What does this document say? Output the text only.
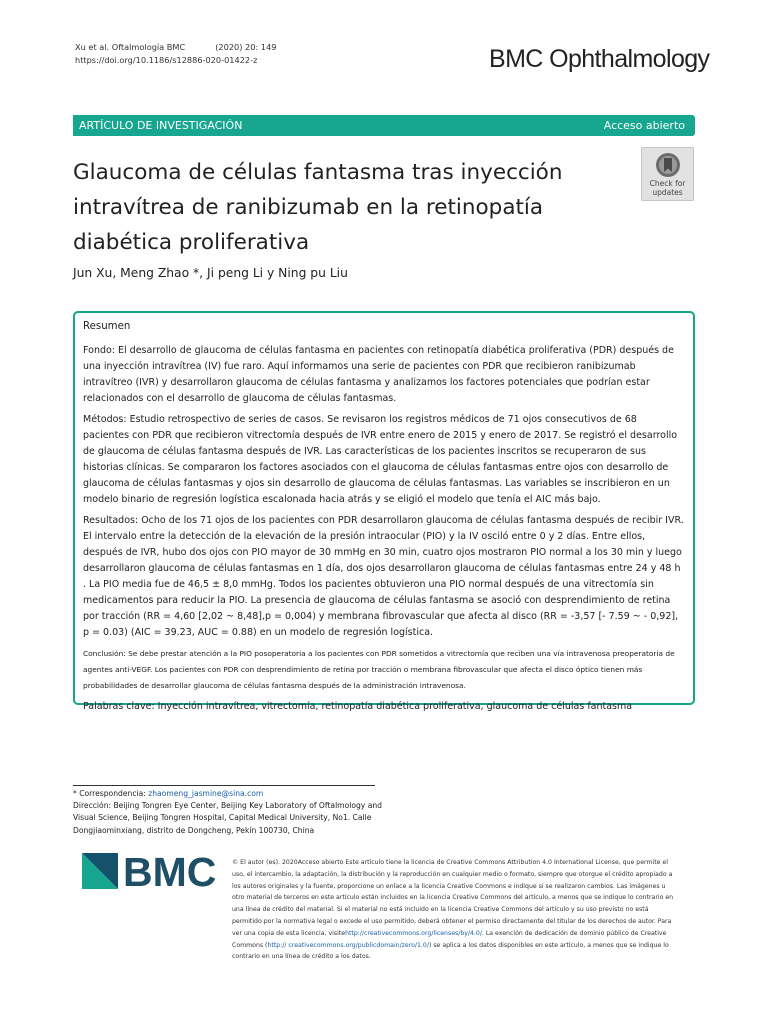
Xu et al. Oftalmología BMC	(2020) 20: 149
https://doi.org/10.1186/s12886-020-01422-z	BMC Ophthalmology
ARTÍCULO DE INVESTIGACIÓN	Acceso abierto
Glaucoma de células fantasma tras inyección intravítrea de ranibizumab en la retinopatía diabética proliferativa
Check for
updates
Jun Xu, Meng Zhao *, Ji peng Li y Ning pu Liu
Resumen

Fondo: El desarrollo de glaucoma de células fantasma en pacientes con retinopatía diabética proliferativa (PDR) después de una inyección intravítrea (IV) fue raro. Aquí informamos una serie de pacientes con PDR que recibieron ranibizumab intravítreo (IVR) y desarrollaron glaucoma de células fantasma y analizamos los factores potenciales que podrían estar relacionados con el desarrollo de glaucoma de células fantasmas.

Métodos: Estudio retrospectivo de series de casos. Se revisaron los registros médicos de 71 ojos consecutivos de 68 pacientes con PDR que recibieron vitrectomía después de IVR entre enero de 2015 y enero de 2017. Se registró el desarrollo de glaucoma de células fantasma después de IVR. Las características de los pacientes inscritos se recuperaron de sus historias clínicas. Se compararon los factores asociados con el glaucoma de células fantasmas entre ojos con desarrollo de glaucoma de células fantasmas y ojos sin desarrollo de glaucoma de células fantasmas. Las variables se inscribieron en un modelo binario de regresión logística escalonada hacia atrás y se eligió el modelo que tenía el AIC más bajo.

Resultados: Ocho de los 71 ojos de los pacientes con PDR desarrollaron glaucoma de células fantasma después de recibir IVR. El intervalo entre la detección de la elevación de la presión intraocular (PIO) y la IV osciló entre 0 y 2 días. Entre ellos, después de IVR, hubo dos ojos con PIO mayor de 30 mmHg en 30 min, cuatro ojos mostraron PIO normal a los 30 min y luego desarrollaron glaucoma de células fantasmas en 1 día, dos ojos desarrollaron glaucoma de células fantasmas entre 24 y 48 h . La PIO media fue de 46,5 ± 8,0 mmHg. Todos los pacientes obtuvieron una PIO normal después de una vitrectomía sin medicamentos para reducir la PIO. La presencia de glaucoma de células fantasma se asoció con desprendimiento de retina por tracción (RR = 4,60 [2,02 ~ 8,48],p = 0,004) y membrana fibrovascular que afecta al disco (RR = -3,57 [- 7.59 ~ - 0,92], p = 0.03) (AIC = 39.23, AUC = 0.88) en un modelo de regresión logística.

Conclusión: Se debe prestar atención a la PIO posoperatoria a los pacientes con PDR sometidos a vitrectomía que reciben una vía intravenosa preoperatoria de agentes anti-VEGF. Los pacientes con PDR con desprendimiento de retina por tracción o membrana fibrovascular que afecta el disco óptico tienen más probabilidades de desarrollar glaucoma de células fantasma después de la administración intravenosa.

Palabras clave: Inyección intravítrea, vitrectomía, retinopatía diabética proliferativa, glaucoma de células fantasma

* Correspondencia: zhaomeng_jasmine@sina.com
Dirección: Beijing Tongren Eye Center, Beijing Key Laboratory of Oftalmology and Visual Science, Beijing Tongren Hospital, Capital Medical University, No1. Calle Dongjiaominxiang, distrito de Dongcheng, Pekín 100730, China
BMC	© El autor (es). 2020Acceso abierto Este artículo tiene la licencia de Creative Commons Attribution 4.0 International License, que permite el uso, el intercambio, la adaptación, la distribución y la reproducción en cualquier medio o formato, siempre que otorgue el crédito apropiado a los autores originales y la fuente, proporcione un enlace a la licencia Creative Commons e indique si se realizaron cambios. Las imágenes u otro material de terceros en este artículo están incluidos en la licencia Creative Commons del artículo, a menos que se indique lo contrario en una línea de crédito del material. Si el material no está incluido en la licencia Creative Commons del artículo y su uso previsto no está permitido por la normativa legal o excede el uso permitido, deberá obtener el permiso directamente del titular de los derechos de autor. Para ver una copia de esta licencia, visitehttp://creativecommons.org/licenses/by/4.0/. La exención de dedicación de dominio público de Creative Commons (http:// creativecommons.org/publicdomain/zero/1.0/) se aplica a los datos disponibles en este artículo, a menos que se indique lo contrario en una línea de crédito a los datos.
